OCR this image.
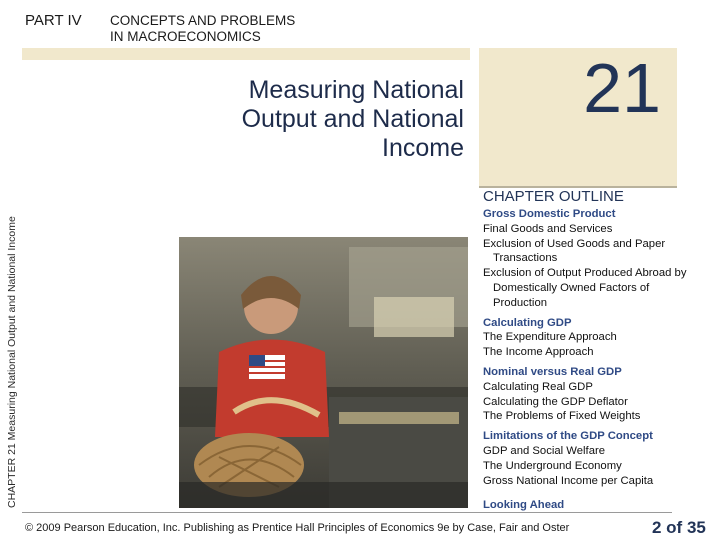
PART IV CONCEPTS AND PROBLEMS
IN MACROECONOMICS
CHAPTER 21 Measuring National Output and National Income
Measuring National
Output and National
Income
21
CHAPTER OUTLINE
Gross Domestic Product
Final Goods and Services
Exclusion of Used Goods and Paper
Transactions
Exclusion of Output Produced Abroad by
Domestically Owned Factors of
Production
Calculating GDP
The Expenditure Approach
The Income Approach
Nominal versus Real GDP
Calculating Real GDP
Calculating the GDP Deflator
The Problems of Fixed Weights
Limitations of the GDP Concept
GDP and Social Welfare
The Underground Economy
Gross National Income per Capita
Looking Ahead
© 2009 Pearson Education, Inc. Publishing as Prentice Hall Principles of Economics 9e by Case, Fair and Oster	2 of 35
